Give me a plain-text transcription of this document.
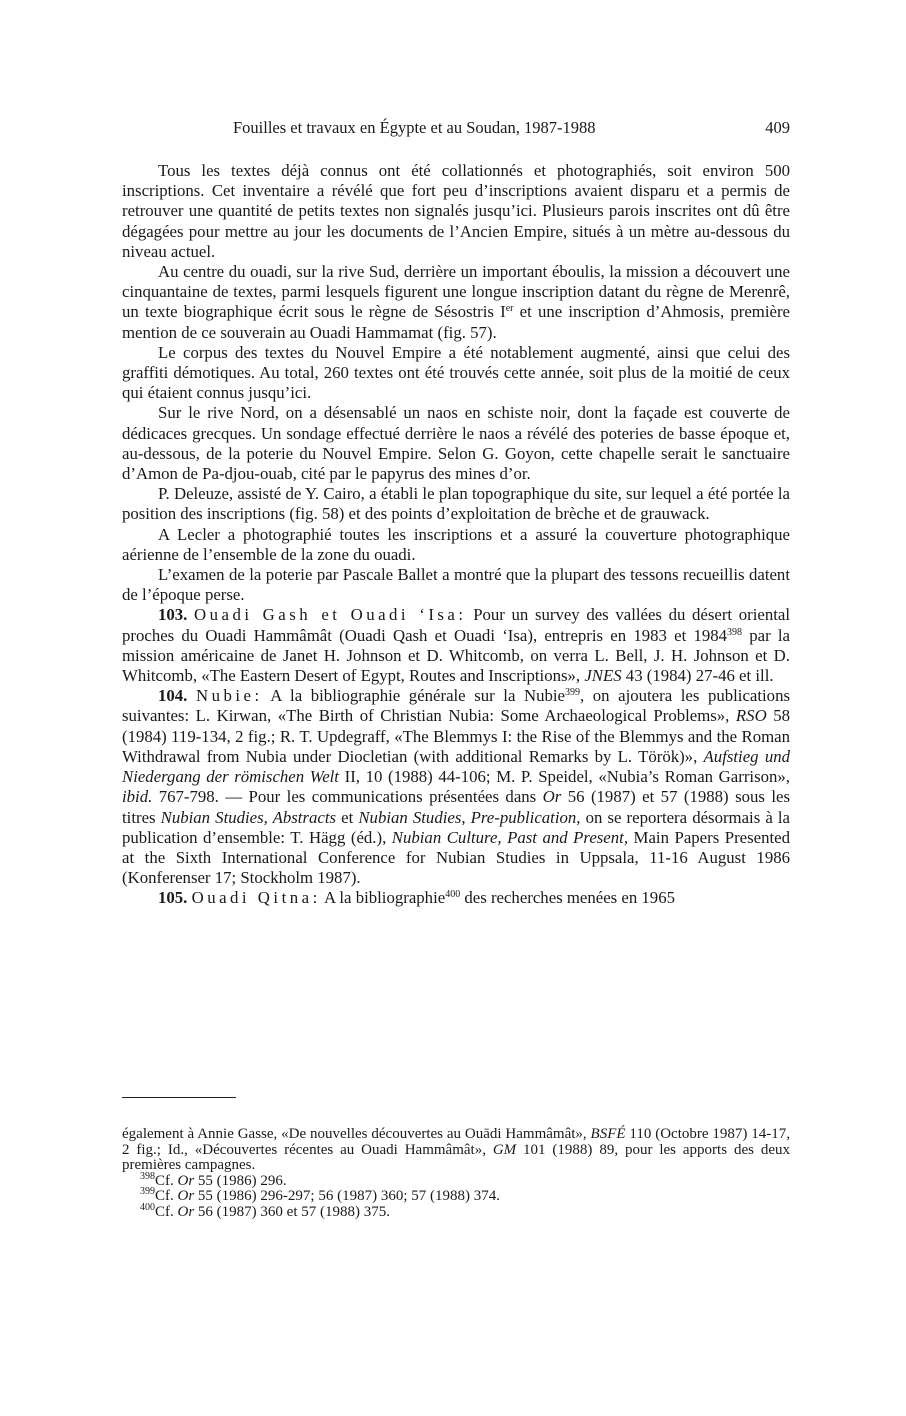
Fouilles et travaux en Égypte et au Soudan, 1987-1988	409

Tous les textes déjà connus ont été collationnés et photographiés, soit environ 500 inscriptions. Cet inventaire a révélé que fort peu d’inscriptions avaient disparu et a permis de retrouver une quantité de petits textes non signalés jusqu’ici. Plusieurs parois inscrites ont dû être dégagées pour mettre au jour les documents de l’Ancien Empire, situés à un mètre au-dessous du niveau actuel.

Au centre du ouadi, sur la rive Sud, derrière un important éboulis, la mission a découvert une cinquantaine de textes, parmi lesquels figurent une longue inscription datant du règne de Merenrê, un texte biographique écrit sous le règne de Sésostris Ier et une inscription d’Ahmosis, première mention de ce souverain au Ouadi Hammamat (fig. 57).

Le corpus des textes du Nouvel Empire a été notablement augmenté, ainsi que celui des graffiti démotiques. Au total, 260 textes ont été trouvés cette année, soit plus de la moitié de ceux qui étaient connus jusqu’ici.

Sur le rive Nord, on a désensablé un naos en schiste noir, dont la façade est couverte de dédicaces grecques. Un sondage effectué derrière le naos a révélé des poteries de basse époque et, au-dessous, de la poterie du Nouvel Empire. Selon G. Goyon, cette chapelle serait le sanctuaire d’Amon de Pa-djou-ouab, cité par le papyrus des mines d’or.

P. Deleuze, assisté de Y. Cairo, a établi le plan topographique du site, sur lequel a été portée la position des inscriptions (fig. 58) et des points d’exploitation de brèche et de grauwack.

A Lecler a photographié toutes les inscriptions et a assuré la couverture photographique aérienne de l’ensemble de la zone du ouadi.

L’examen de la poterie par Pascale Ballet a montré que la plupart des tessons recueillis datent de l’époque perse.

103. Ouadi Gash et Ouadi ‘Isa: Pour un survey des vallées du désert oriental proches du Ouadi Hammâmât (Ouadi Qash et Ouadi ‘Isa), entrepris en 1983 et 1984$^{398}$ par la mission américaine de Janet H. Johnson et D. Whitcomb, on verra L. Bell, J. H. Johnson et D. Whitcomb, «The Eastern Desert of Egypt, Routes and Inscriptions», JNES 43 (1984) 27-46 et ill.

104. Nubie: A la bibliographie générale sur la Nubie$^{399}$, on ajoutera les publications suivantes: L. Kirwan, «The Birth of Christian Nubia: Some Archaeological Problems», RSO 58 (1984) 119-134, 2 fig.; R. T. Updegraff, «The Blemmys I: the Rise of the Blemmys and the Roman Withdrawal from Nubia under Diocletian (with additional Remarks by L. Török)», Aufstieg und Niedergang der römischen Welt II, 10 (1988) 44-106; M. P. Speidel, «Nubia’s Roman Garrison», ibid. 767-798. — Pour les communications présentées dans Or 56 (1987) et 57 (1988) sous les titres Nubian Studies, Abstracts et Nubian Studies, Pre-publication, on se reportera désormais à la publication d’ensemble: T. Hägg (éd.), Nubian Culture, Past and Present, Main Papers Presented at the Sixth International Conference for Nubian Studies in Uppsala, 11-16 August 1986 (Konferenser 17; Stockholm 1987).

105. Ouadi Qitna: A la bibliographie$^{400}$ des recherches menées en 1965

également à Annie Gasse, «De nouvelles découvertes au Ouādi Hammâmât», BSFÉ 110 (Octobre 1987) 14-17, 2 fig.; Id., «Découvertes récentes au Ouadi Hammâmât», GM 101 (1988) 89, pour les apports des deux premières campagnes.

$^{398}$Cf. Or 55 (1986) 296.

$^{399}$Cf. Or 55 (1986) 296-297; 56 (1987) 360; 57 (1988) 374.

$^{400}$Cf. Or 56 (1987) 360 et 57 (1988) 375.
